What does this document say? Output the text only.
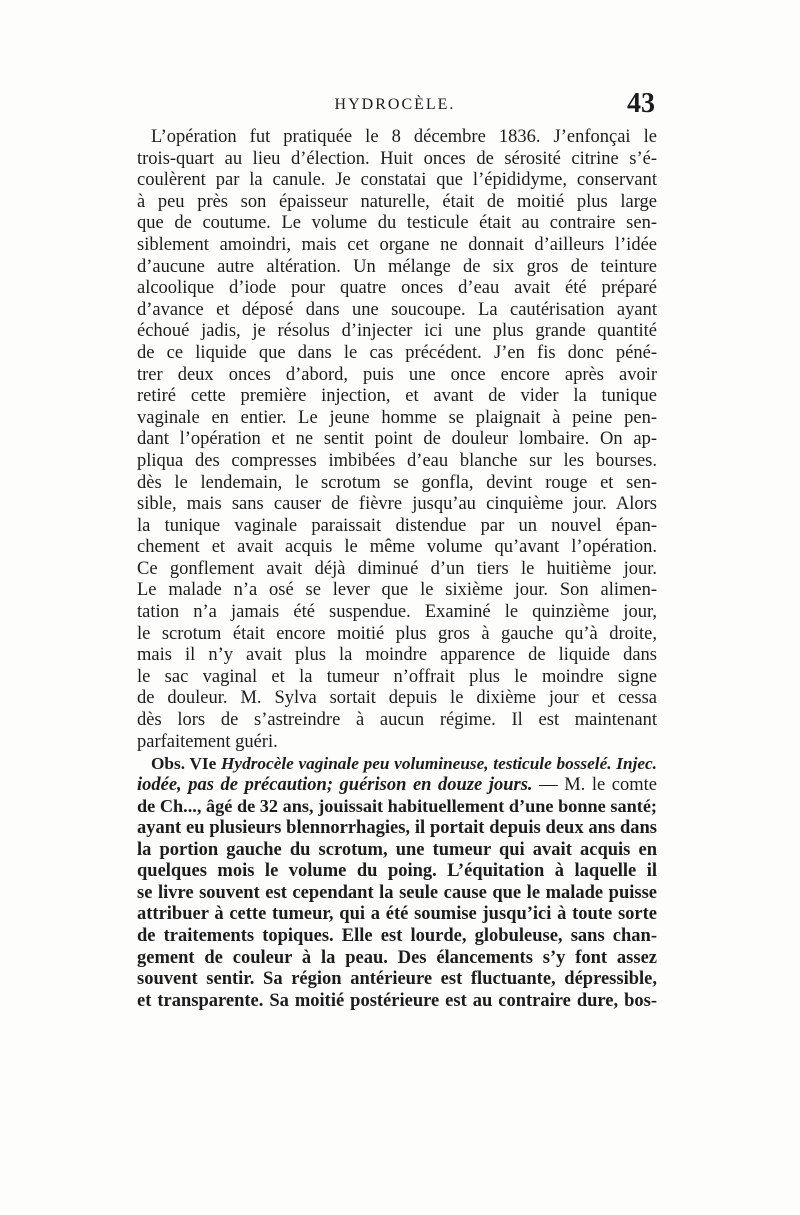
HYDROCÈLE.	43
L’opération fut pratiquée le 8 décembre 1836. J’enfonçai le
trois-quart au lieu d’élection. Huit onces de sérosité citrine s’é-
coulèrent par la canule. Je constatai que l’épididyme, conservant
à peu près son épaisseur naturelle, était de moitié plus large
que de coutume. Le volume du testicule était au contraire sen-
siblement amoindri, mais cet organe ne donnait d’ailleurs l’idée
d’aucune autre altération. Un mélange de six gros de teinture
alcoolique d’iode pour quatre onces d’eau avait été préparé
d’avance et déposé dans une soucoupe. La cautérisation ayant
échoué jadis, je résolus d’injecter ici une plus grande quantité
de ce liquide que dans le cas précédent. J’en fis donc péné-
trer deux onces d’abord, puis une once encore après avoir
retiré cette première injection, et avant de vider la tunique
vaginale en entier. Le jeune homme se plaignait à peine pen-
dant l’opération et ne sentit point de douleur lombaire. On ap-
pliqua des compresses imbibées d’eau blanche sur les bourses.
dès le lendemain, le scrotum se gonfla, devint rouge et sen-
sible, mais sans causer de fièvre jusqu’au cinquième jour. Alors
la tunique vaginale paraissait distendue par un nouvel épan-
chement et avait acquis le même volume qu’avant l’opération.
Ce gonflement avait déjà diminué d’un tiers le huitième jour.
Le malade n’a osé se lever que le sixième jour. Son alimen-
tation n’a jamais été suspendue. Examiné le quinzième jour,
le scrotum était encore moitié plus gros à gauche qu’à droite,
mais il n’y avait plus la moindre apparence de liquide dans
le sac vaginal et la tumeur n’offrait plus le moindre signe
de douleur. M. Sylva sortait depuis le dixième jour et cessa
dès lors de s’astreindre à aucun régime. Il est maintenant
parfaitement guéri.
Obs. VIe Hydrocèle vaginale peu volumineuse, testicule bosselé. Injec.
iodée, pas de précaution; guérison en douze jours. — M. le comte
de Ch..., âgé de 32 ans, jouissait habituellement d’une bonne santé;
ayant eu plusieurs blennorrhagies, il portait depuis deux ans dans
la portion gauche du scrotum, une tumeur qui avait acquis en
quelques mois le volume du poing. L’équitation à laquelle il
se livre souvent est cependant la seule cause que le malade puisse
attribuer à cette tumeur, qui a été soumise jusqu’ici à toute sorte
de traitements topiques. Elle est lourde, globuleuse, sans chan-
gement de couleur à la peau. Des élancements s’y font assez
souvent sentir. Sa région antérieure est fluctuante, dépressible,
et transparente. Sa moitié postérieure est au contraire dure, bos-
